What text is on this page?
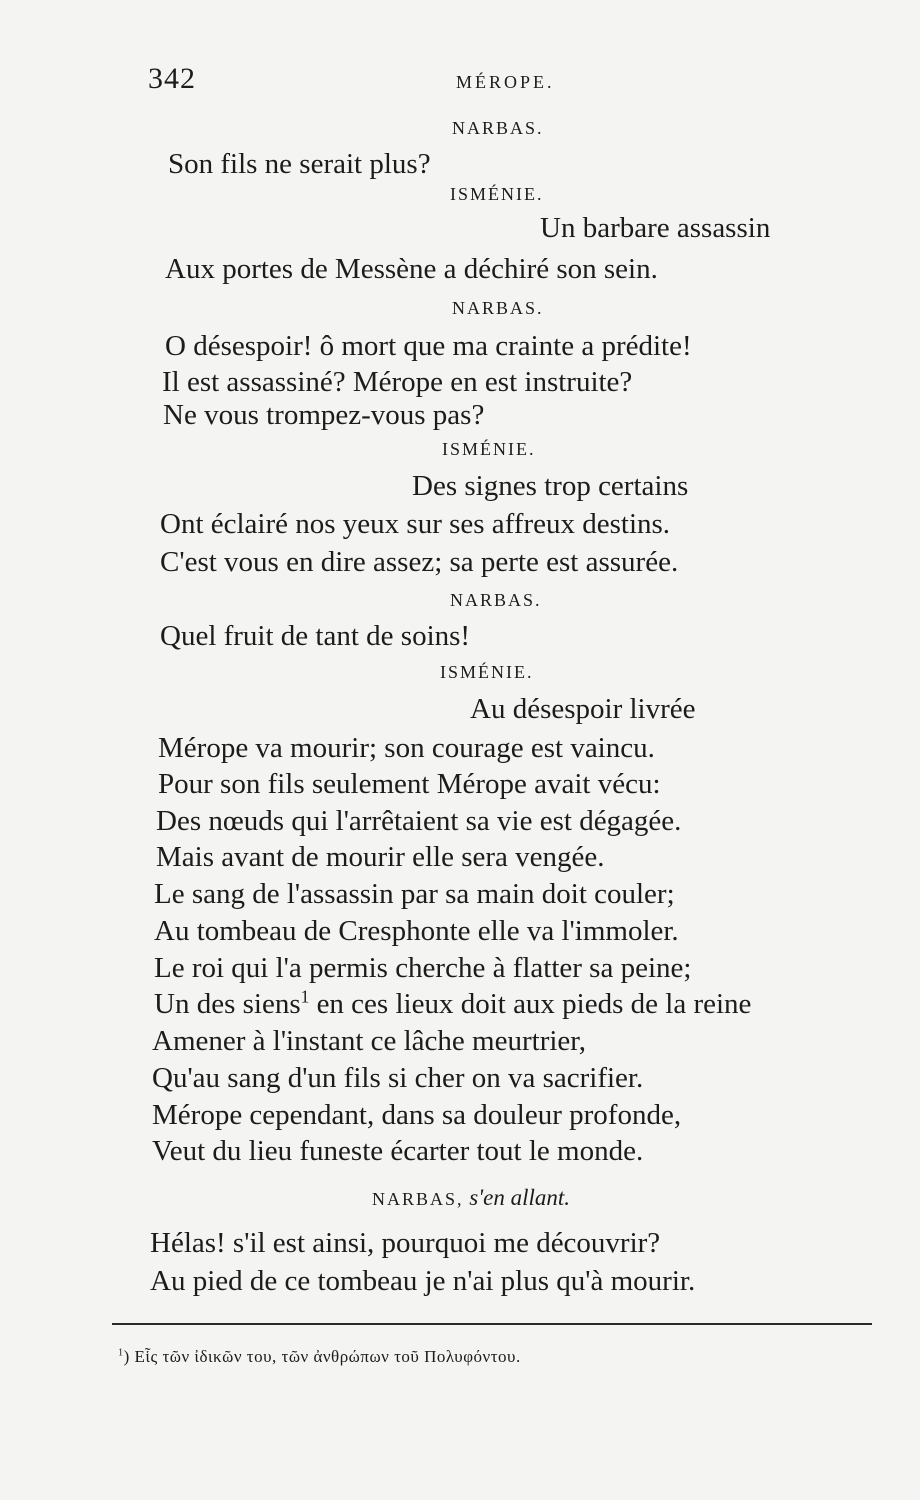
342	MÉROPE.
NARBAS.
Son fils ne serait plus?
ISMÉNIE.
Un barbare assassin
Aux portes de Messène a déchiré son sein.
NARBAS.
O désespoir! ô mort que ma crainte a prédite!
Il est assassiné? Mérope en est instruite?
Ne vous trompez-vous pas?
ISMÉNIE.
Des signes trop certains
Ont éclairé nos yeux sur ses affreux destins.
C'est vous en dire assez; sa perte est assurée.
NARBAS.
Quel fruit de tant de soins!
ISMÉNIE.
Au désespoir livrée
Mérope va mourir; son courage est vaincu.
Pour son fils seulement Mérope avait vécu:
Des nœuds qui l'arrêtaient sa vie est dégagée.
Mais avant de mourir elle sera vengée.
Le sang de l'assassin par sa main doit couler;
Au tombeau de Cresphonte elle va l'immoler.
Le roi qui l'a permis cherche à flatter sa peine;
Un des siens$^1$ en ces lieux doit aux pieds de la reine
Amener à l'instant ce lâche meurtrier,
Qu'au sang d'un fils si cher on va sacrifier.
Mérope cependant, dans sa douleur profonde,
Veut du lieu funeste écarter tout le monde.
NARBAS, s'en allant.
Hélas! s'il est ainsi, pourquoi me découvrir?
Au pied de ce tombeau je n'ai plus qu'à mourir.
$^1$) Εἷς τῶν ἰδικῶν του, τῶν ἀνθρώπων τοῦ Πολυφόντου.
